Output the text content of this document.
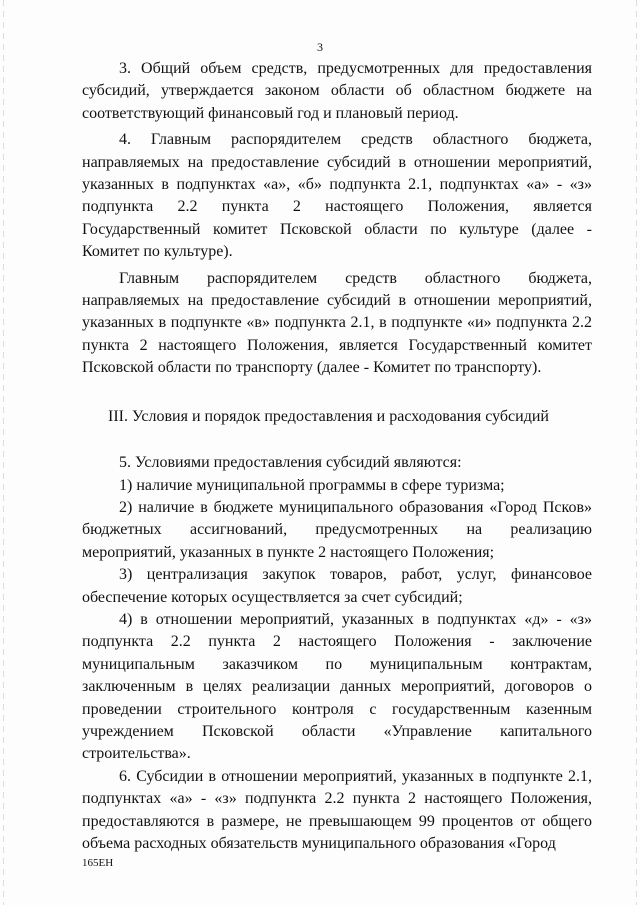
3

3. Общий объем средств, предусмотренных для предоставления субсидий, утверждается законом области об областном бюджете на соответствующий финансовый год и плановый период.

4. Главным распорядителем средств областного бюджета, направляемых на предоставление субсидий в отношении мероприятий, указанных в подпунктах «а», «б» подпункта 2.1, подпунктах «а» - «з» подпункта 2.2 пункта 2 настоящего Положения, является Государственный комитет Псковской области по культуре (далее - Комитет по культуре).

Главным распорядителем средств областного бюджета, направляемых на предоставление субсидий в отношении мероприятий, указанных в подпункте «в» подпункта 2.1, в подпункте «и» подпункта 2.2 пункта 2 настоящего Положения, является Государственный комитет Псковской области по транспорту (далее - Комитет по транспорту).

III. Условия и порядок предоставления и расходования субсидий

5. Условиями предоставления субсидий являются:

1) наличие муниципальной программы в сфере туризма;

2) наличие в бюджете муниципального образования «Город Псков» бюджетных ассигнований, предусмотренных на реализацию мероприятий, указанных в пункте 2 настоящего Положения;

3) централизация закупок товаров, работ, услуг, финансовое обеспечение которых осуществляется за счет субсидий;

4) в отношении мероприятий, указанных в подпунктах «д» - «з» подпункта 2.2 пункта 2 настоящего Положения - заключение муниципальным заказчиком по муниципальным контрактам, заключенным в целях реализации данных мероприятий, договоров о проведении строительного контроля с государственным казенным учреждением Псковской области «Управление капитального строительства».

6. Субсидии в отношении мероприятий, указанных в подпункте 2.1, подпунктах «а» - «з» подпункта 2.2 пункта 2 настоящего Положения, предоставляются в размере, не превышающем 99 процентов от общего объема расходных обязательств муниципального образования «Город

165EH
